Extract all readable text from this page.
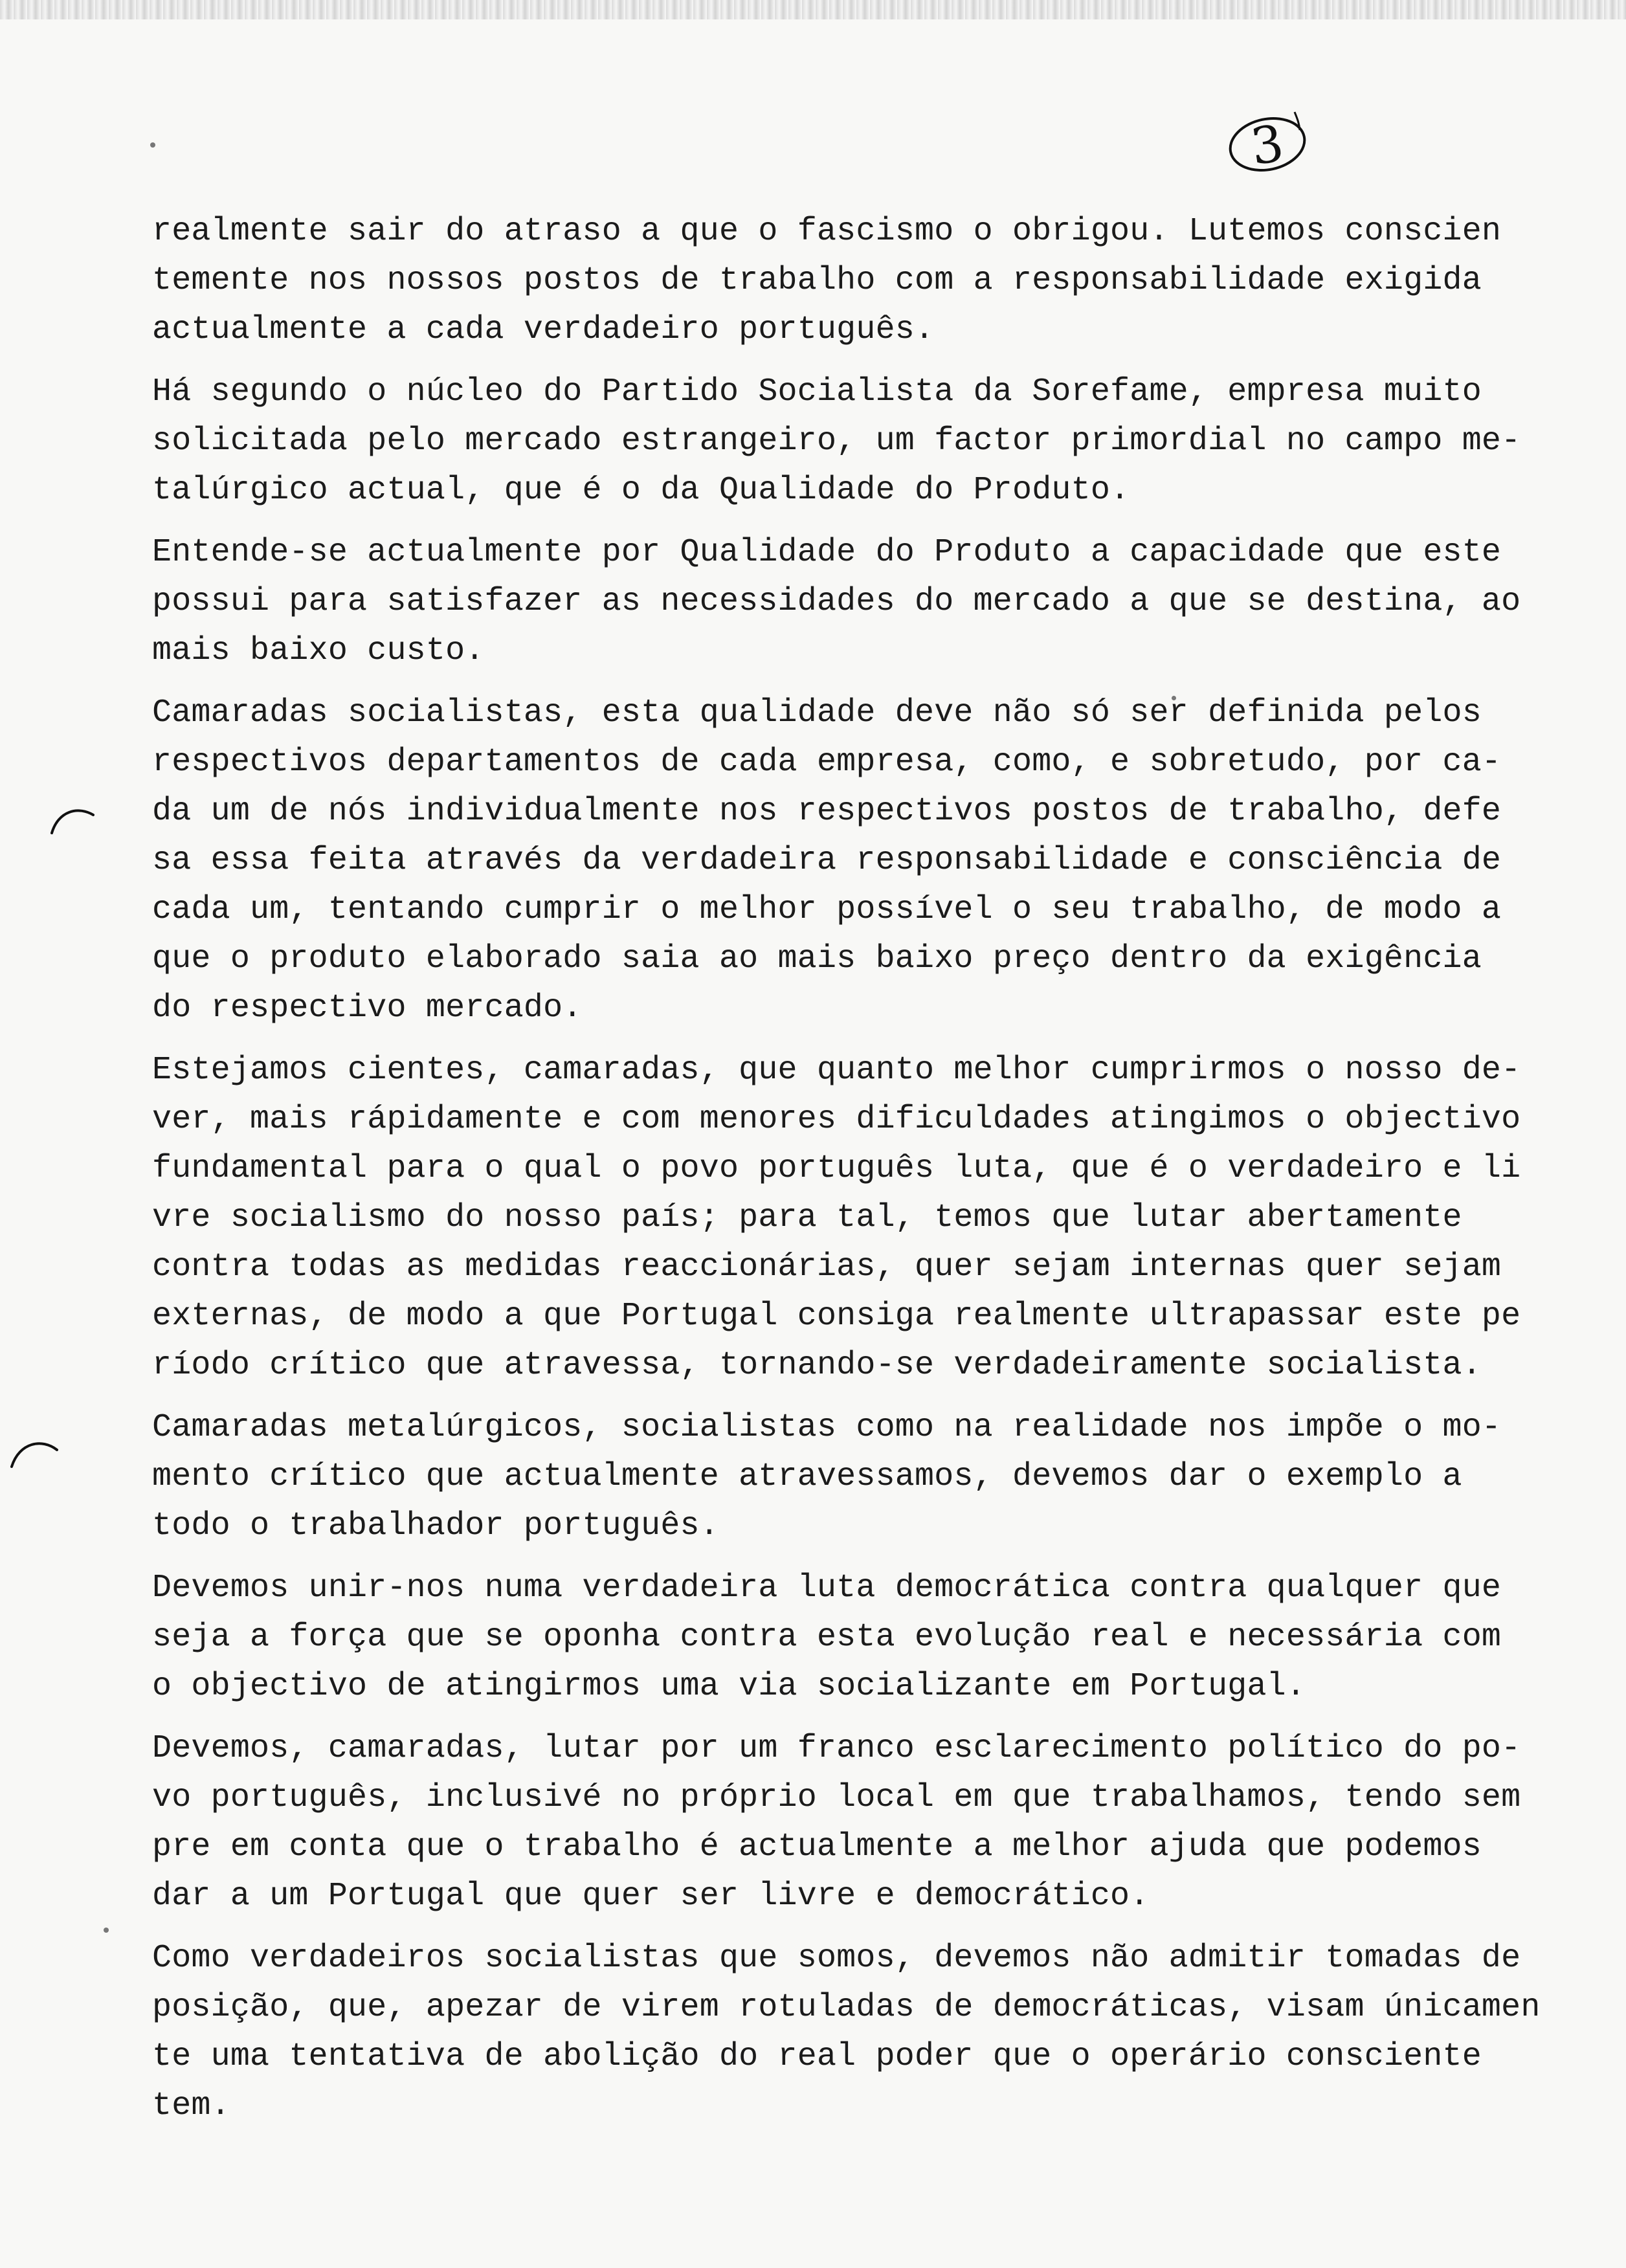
3
realmente sair do atraso a que o fascismo o obrigou. Lutemos conscien
temente nos nossos postos de trabalho com a responsabilidade exigida
actualmente a cada verdadeiro português.
Há segundo o núcleo do Partido Socialista da Sorefame, empresa muito
solicitada pelo mercado estrangeiro, um factor primordial no campo me-
talúrgico actual, que é o da Qualidade do Produto.
Entende-se actualmente por Qualidade do Produto a capacidade que este
possui para satisfazer as necessidades do mercado a que se destina, ao
mais baixo custo.
Camaradas socialistas, esta qualidade deve não só ser definida pelos
respectivos departamentos de cada empresa, como, e sobretudo, por ca-
da um de nós individualmente nos respectivos postos de trabalho, defe
sa essa feita através da verdadeira responsabilidade e consciência de
cada um, tentando cumprir o melhor possível o seu trabalho, de modo a
que o produto elaborado saia ao mais baixo preço dentro da exigência
do respectivo mercado.
Estejamos cientes, camaradas, que quanto melhor cumprirmos o nosso de-
ver, mais rápidamente e com menores dificuldades atingimos o objectivo
fundamental para o qual o povo português luta, que é o verdadeiro e li
vre socialismo do nosso país; para tal, temos que lutar abertamente
contra todas as medidas reaccionárias, quer sejam internas quer sejam
externas, de modo a que Portugal consiga realmente ultrapassar este pe
ríodo crítico que atravessa, tornando-se verdadeiramente socialista.
Camaradas metalúrgicos, socialistas como na realidade nos impõe o mo-
mento crítico que actualmente atravessamos, devemos dar o exemplo a
todo o trabalhador português.
Devemos unir-nos numa verdadeira luta democrática contra qualquer que
seja a força que se oponha contra esta evolução real e necessária com
o objectivo de atingirmos uma via socializante em Portugal.
Devemos, camaradas, lutar por um franco esclarecimento político do po-
vo português, inclusivé no próprio local em que trabalhamos, tendo sem
pre em conta que o trabalho é actualmente a melhor ajuda que podemos
dar a um Portugal que quer ser livre e democrático.
Como verdadeiros socialistas que somos, devemos não admitir tomadas de
posição, que, apezar de virem rotuladas de democráticas, visam únicamen
te uma tentativa de abolição do real poder que o operário consciente
tem.
